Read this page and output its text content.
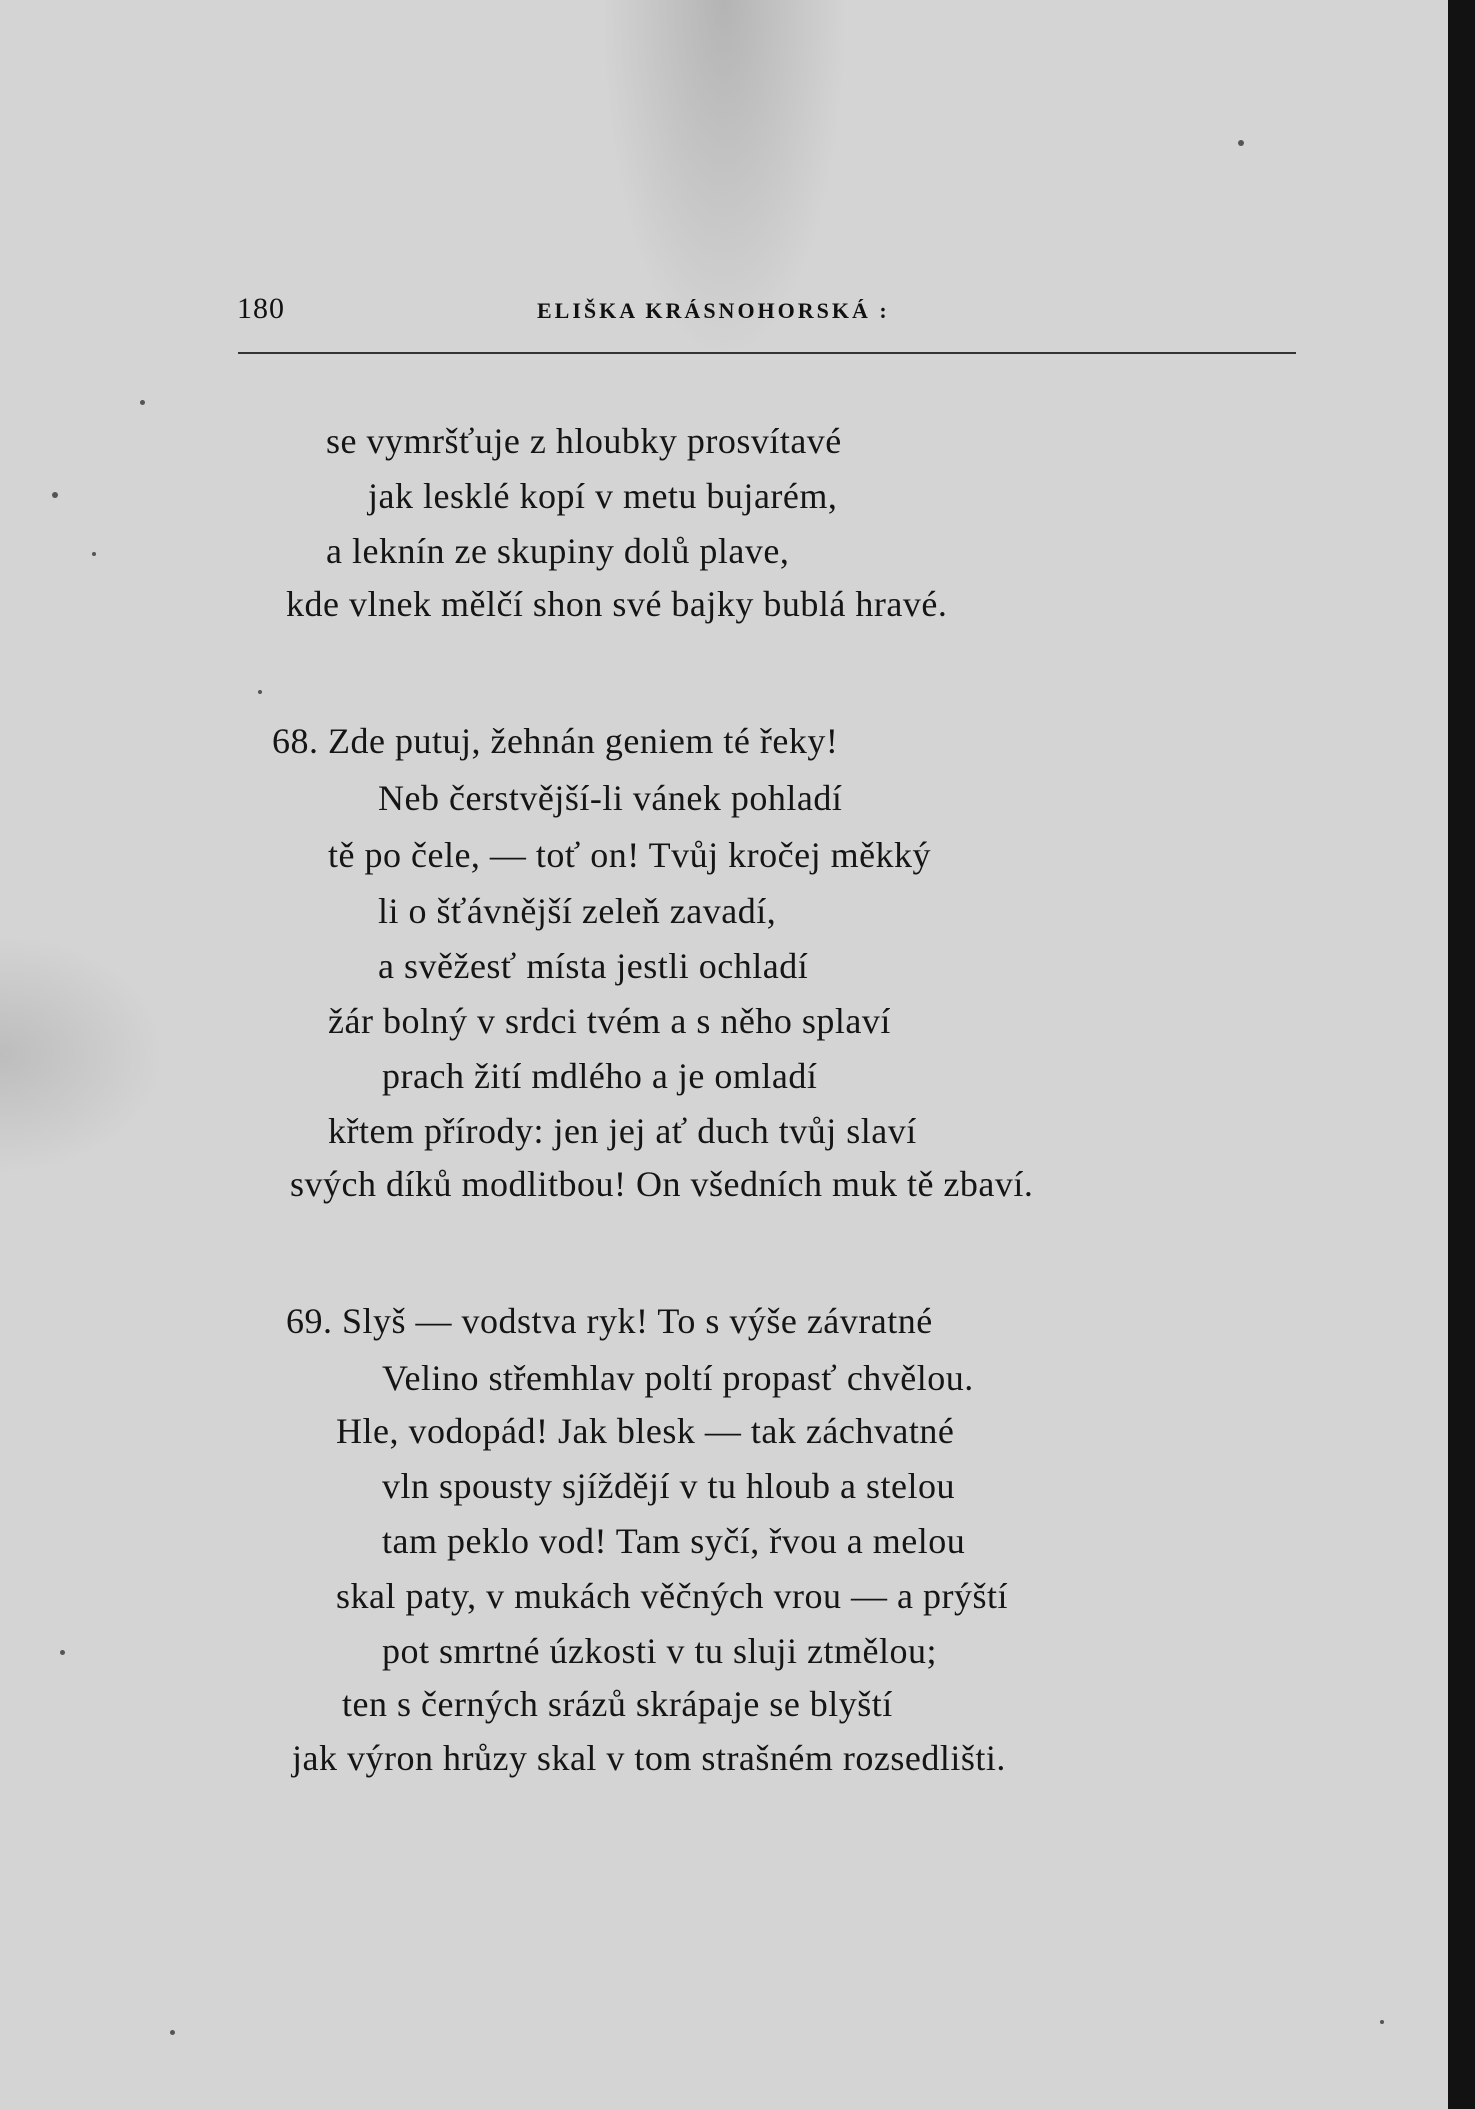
180	ELIŠKA KRÁSNOHORSKÁ :
se vymršťuje z hloubky prosvítavé
jak lesklé kopí v metu bujarém,
a leknín ze skupiny dolů plave,
kde vlnek mělčí shon své bajky bublá hravé.
68. Zde putuj, žehnán geniem té řeky!
Neb čerstvější-li vánek pohladí
tě po čele, — toť on! Tvůj kročej měkký
li o šťávnější zeleň zavadí,
a svěžesť místa jestli ochladí
žár bolný v srdci tvém a s něho splaví
prach žití mdlého a je omladí
křtem přírody: jen jej ať duch tvůj slaví
svých díků modlitbou! On všedních muk tě zbaví.
69. Slyš — vodstva ryk! To s výše závratné
Velino střemhlav poltí propasť chvělou.
Hle, vodopád! Jak blesk — tak záchvatné
vln spousty sjíždějí v tu hloub a stelou
tam peklo vod! Tam syčí, řvou a melou
skal paty, v mukách věčných vrou — a prýští
pot smrtné úzkosti v tu sluji ztmělou;
ten s černých srázů skrápaje se blyští
jak výron hrůzy skal v tom strašném rozsedlišti.
